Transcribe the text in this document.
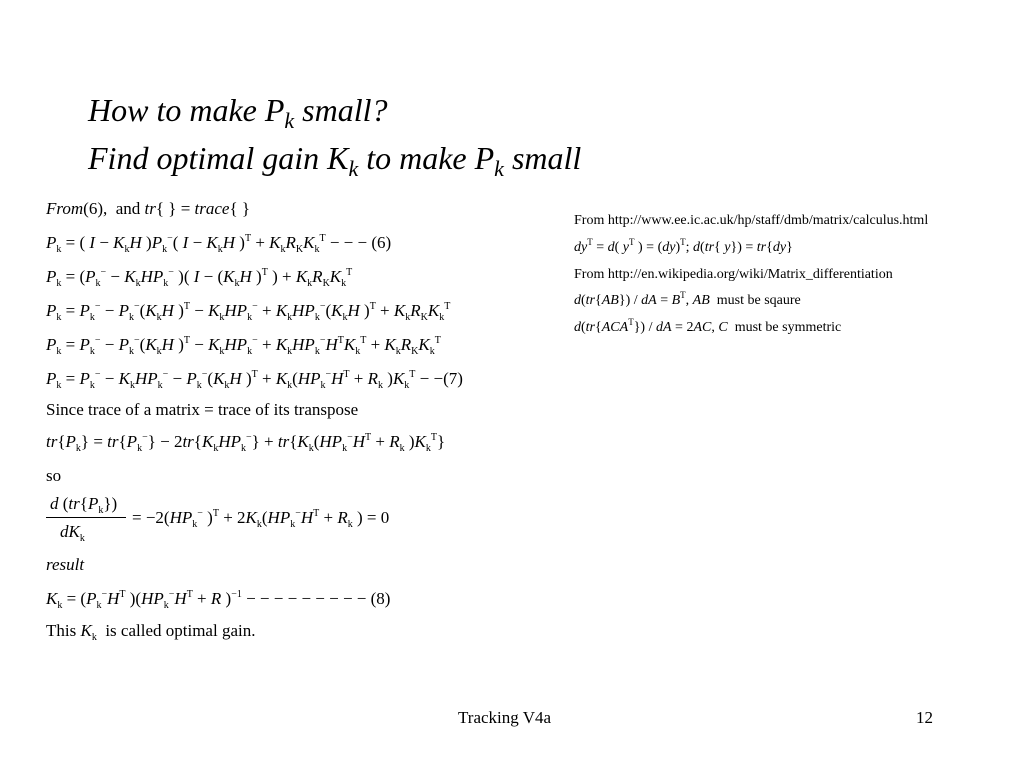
How to make $P_k$ small?
Find optimal gain $K_k$ to make $P_k$ small
From(6),  and tr{ } = trace{ }
$P_k$ = ( $I - K_kH$ )$P_k^-$( $I - K_kH$ )$^T + K_kR_KK_k^T$ − − − (6)
$P_k = (P_k^- - K_kHP_k^-$ )( $I - (K_kH$ )$^T$ ) + $K_kR_KK_k^T$
$P_k = P_k^- - P_k^-(K_kH$ )$^T - K_kHP_k^- + K_kHP_k^-(K_kH$ )$^T + K_kR_KK_k^T$
$P_k = P_k^- - P_k^-(K_kH$ )$^T - K_kHP_k^- + K_kHP_k^-H^TK_k^T + K_kR_KK_k^T$
$P_k = P_k^- - K_kHP_k^- - P_k^-(K_kH$ )$^T + K_k(HP_k^-H^T + R_k$ )$K_k^T - -(7)$
Since trace of a matrix = trace of its transpose
$tr\{P_k\} = tr\{P_k^-\} - 2tr\{K_kHP_k^-\} + tr\{K_k(HP_k^-H^T + R_k$ )$K_k^T$}
so
d $(tr\{P_k\})$
$dK_k$
= $-2(HP_k^-$ )$^T + 2K_k(HP_k^-H^T + R_k$ ) = 0
result
$K_k = (P_k^-H^T$ )($HP_k^-H^T + R$ )$^{-1}$ − − − − − − − − − (8)
This $K_k$ is called optimal gain.
From http://www.ee.ic.ac.uk/hp/staff/dmb/matrix/calculus.html
$dy^T = d$( $y^T$ ) = (dy)$^T$; d(tr{ y}) = tr{dy}
From http://en.wikipedia.org/wiki/Matrix_differentiation
d(tr{AB}) / dA = $B^T$, AB must be sqaure
$d(tr\{ACA^T\})$ / dA = 2AC, C must be symmetric
Tracking V4a	12
